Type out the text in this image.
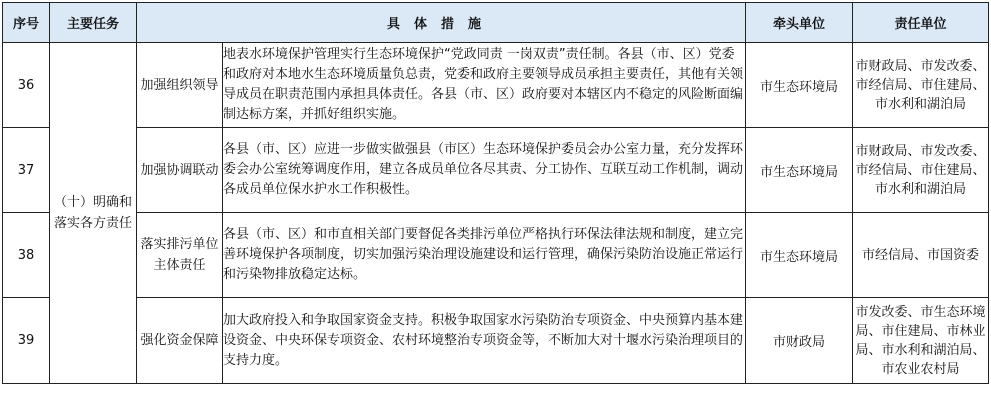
序号	主要任务	具体措施		牵头单位	责任单位
36	（十）明确和落实各方责任	加强组织领导	地表水环境保护管理实行生态环境保护“党政同责 一岗双责”责任制。各县（市、区）党委和政府对本地水生态环境质量负总责，党委和政府主要领导成员承担主要责任，其他有关领导成员在职责范围内承担具体责任。各县（市、区）政府要对本辖区内不稳定的风险断面编制达标方案，并抓好组织实施。	市生态环境局	市财政局、市发改委、市经信局、市住建局、市水利和湖泊局
37		加强协调联动	各县（市、区）应进一步做实做强县（市区）生态环境保护委员会办公室力量，充分发挥环委会办公室统筹调度作用，建立各成员单位各尽其责、分工协作、互联互动工作机制，调动各成员单位保水护水工作积极性。	市生态环境局	市财政局、市发改委、市经信局、市住建局、市水利和湖泊局
38		落实排污单位主体责任	各县（市、区）和市直相关部门要督促各类排污单位严格执行环保法律法规和制度，建立完善环境保护各项制度，切实加强污染治理设施建设和运行管理，确保污染防治设施正常运行和污染物排放稳定达标。	市生态环境局	市经信局、市国资委
39		强化资金保障	加大政府投入和争取国家资金支持。积极争取国家水污染防治专项资金、中央预算内基本建设资金、中央环保专项资金、农村环境整治专项资金等，不断加大对十堰水污染治理项目的支持力度。	市财政局	市发改委、市生态环境局、市住建局、市林业局、市水利和湖泊局、市农业农村局
